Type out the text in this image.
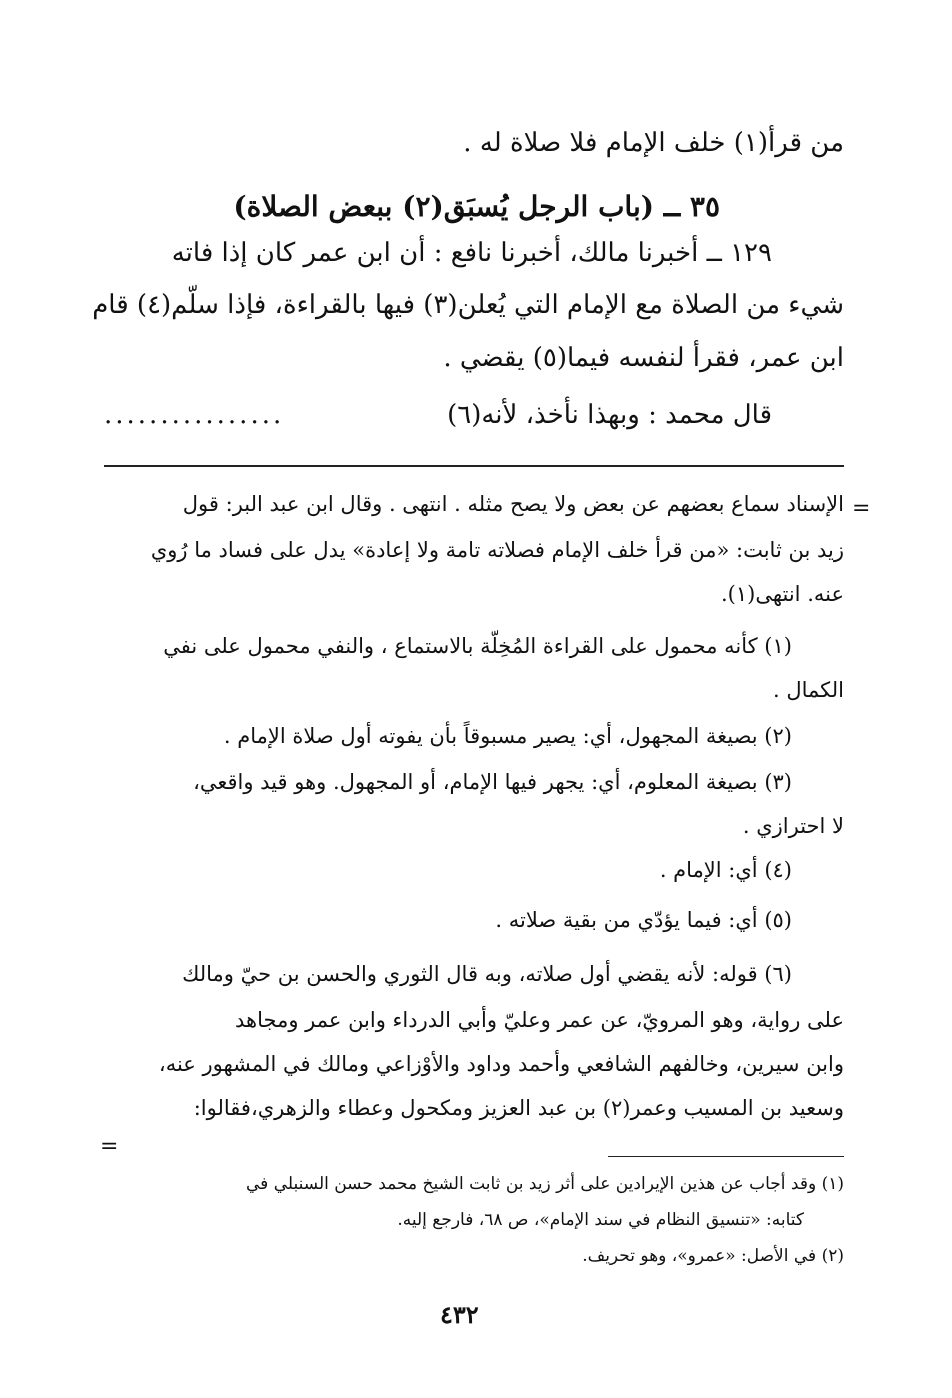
من قرأ(١) خلف الإمام فلا صلاة له .
٣٥ ــ (باب الرجل يُسبَق(٢) ببعض الصلاة)
١٢٩ ــ أخبرنا مالك، أخبرنا نافع : أن ابن عمر كان إذا فاته
شيء من الصلاة مع الإمام التي يُعلن(٣) فيها بالقراءة، فإذا سلّم(٤) قام
ابن عمر، فقرأ لنفسه فيما(٥) يقضي .
قال محمد : وبهذا نأخذ، لأنه(٦)
................
=
الإسناد سماع بعضهم عن بعض ولا يصح مثله . انتهى . وقال ابن عبد البر: قول
زيد بن ثابت: «من قرأ خلف الإمام فصلاته تامة ولا إعادة» يدل على فساد ما رُوي
عنه. انتهى(١).
(١) كأنه محمول على القراءة المُخِلّة بالاستماع ، والنفي محمول على نفي
الكمال .
(٢) بصيغة المجهول، أي: يصير مسبوقاً بأن يفوته أول صلاة الإمام .
(٣) بصيغة المعلوم، أي: يجهر فيها الإمام، أو المجهول. وهو قيد واقعي،
لا احترازي .
(٤) أي: الإمام .
(٥) أي: فيما يؤدّي من بقية صلاته .
(٦) قوله: لأنه يقضي أول صلاته، وبه قال الثوري والحسن بن حيّ ومالك
على رواية، وهو المرويّ، عن عمر وعليّ وأبي الدرداء وابن عمر ومجاهد
وابن سيرين، وخالفهم الشافعي وأحمد وداود والأوْزاعي ومالك في المشهور عنه،
وسعيد بن المسيب وعمر(٢) بن عبد العزيز ومكحول وعطاء والزهري،فقالوا:
=
(١) وقد أجاب عن هذين الإيرادين على أثر زيد بن ثابت الشيخ محمد حسن السنبلي في
كتابه: «تنسيق النظام في سند الإمام»، ص ٦٨، فارجع إليه.
(٢) في الأصل: «عمرو»، وهو تحريف.
٤٣٢
